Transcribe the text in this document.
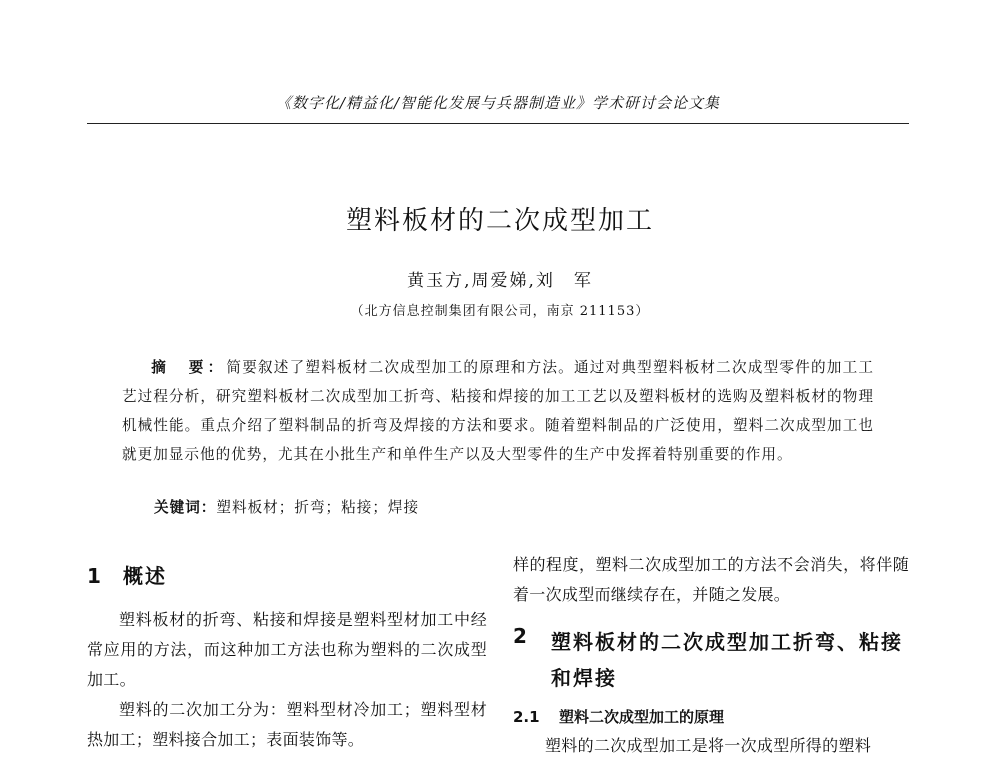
《数字化/精益化/智能化发展与兵器制造业》学术研讨会论文集
塑料板材的二次成型加工
黄玉方,周爱娣,刘　军
（北方信息控制集团有限公司，南京 211153）
摘　要：简要叙述了塑料板材二次成型加工的原理和方法。通过对典型塑料板材二次成型零件的加工工艺过程分析，研究塑料板材二次成型加工折弯、粘接和焊接的加工工艺以及塑料板材的选购及塑料板材的物理机械性能。重点介绍了塑料制品的折弯及焊接的方法和要求。随着塑料制品的广泛使用，塑料二次成型加工也就更加显示他的优势，尤其在小批生产和单件生产以及大型零件的生产中发挥着特别重要的作用。
关键词：塑料板材；折弯；粘接；焊接
1 概述
塑料板材的折弯、粘接和焊接是塑料型材加工中经常应用的方法，而这种加工方法也称为塑料的二次成型加工。
塑料的二次加工分为：塑料型材冷加工；塑料型材热加工；塑料接合加工；表面装饰等。
样的程度，塑料二次成型加工的方法不会消失，将伴随着一次成型而继续存在，并随之发展。
2	塑料板材的二次成型加工折弯、粘接和焊接
2.1 塑料二次成型加工的原理
塑料的二次成型加工是将一次成型所得的塑料
